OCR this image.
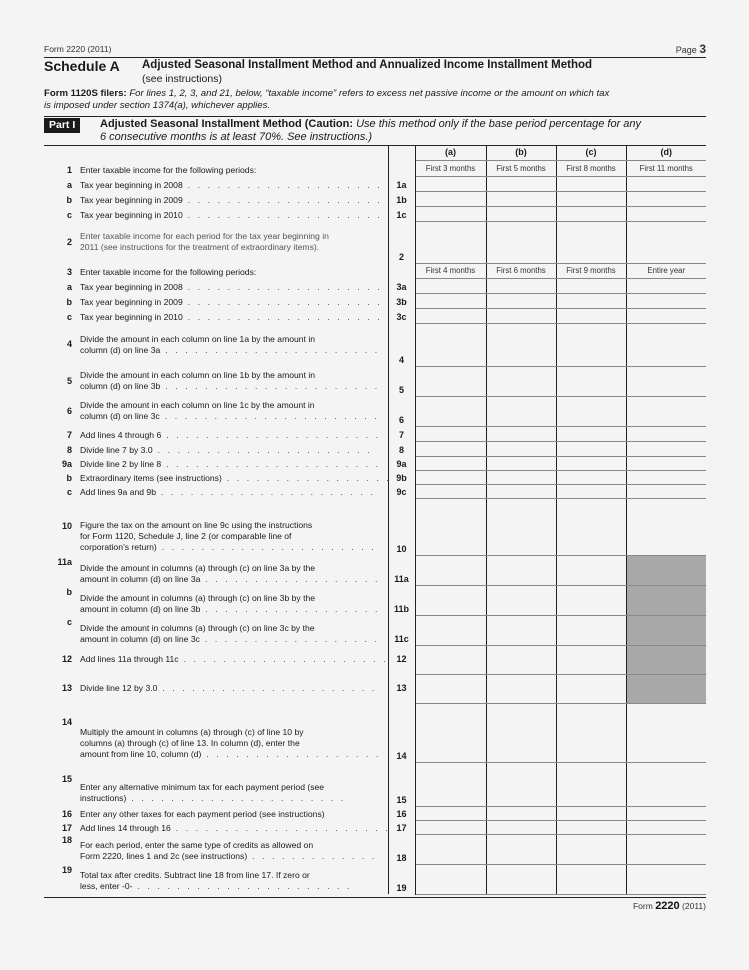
Form 2220 (2011)	Page 3
Schedule A Adjusted Seasonal Installment Method and Annualized Income Installment Method
(see instructions)
Form 1120S filers: For lines 1, 2, 3, and 21, below, “taxable income” refers to excess net passive income or the amount on which tax
is imposed under section 1374(a), whichever applies.
Part I	Adjusted Seasonal Installment Method (Caution: Use this method only if the base period percentage for any
6 consecutive months is at least 70%. See instructions.)
			(a)	(b)	(c)	(d)
1	Enter taxable income for the following periods:		First 3 months	First 5 months	First 8 months	First 11 months
a	Tax year beginning in 2008 . . .	1a				
b	Tax year beginning in 2009 . . .	1b				
c	Tax year beginning in 2010 . . .	1c				
2	Enter taxable income for each period for the tax year beginning in
2011 (see instructions for the treatment of extraordinary items).	2				
3	Enter taxable income for the following periods:		First 4 months	First 6 months	First 9 months	Entire year
a	Tax year beginning in 2008 . . .	3a				
b	Tax year beginning in 2009 . . .	3b				
c	Tax year beginning in 2010 . . .	3c				
4	Divide the amount in each column on line 1a by the amount in
column (d) on line 3a . . .	4				
5	Divide the amount in each column on line 1b by the amount in
column (d) on line 3b . . .	5				
6	Divide the amount in each column on line 1c by the amount in
column (d) on line 3c . . .	6				
7	Add lines 4 through 6 . . .	7				
8	Divide line 7 by 3.0 . . .	8				
9a	Divide line 2 by line 8 . . .	9a				
b	Extraordinary items (see instructions) . . .	9b				
c	Add lines 9a and 9b . . .	9c				
10	Figure the tax on the amount on line 9c using the instructions
for Form 1120, Schedule J, line 2 (or comparable line of
corporation’s return) . . .	10				
11a	Divide the amount in columns (a) through (c) on line 3a by the
amount in column (d) on line 3a . . .	11a				
b	Divide the amount in columns (a) through (c) on line 3b by the
amount in column (d) on line 3b . . .	11b				
c	Divide the amount in columns (a) through (c) on line 3c by the
amount in column (d) on line 3c . . .	11c				
12	Add lines 11a through 11c . . .	12				
13	Divide line 12 by 3.0 . . .	13				
14	Multiply the amount in columns (a) through (c) of line 10 by
columns (a) through (c) of line 13. In column (d), enter the
amount from line 10, column (d) . . .	14				
15	Enter any alternative minimum tax for each payment period (see
instructions) . . .	15				
16	Enter any other taxes for each payment period (see instructions)	16				
17	Add lines 14 through 16 . . .	17				
18	For each period, enter the same type of credits as allowed on
Form 2220, lines 1 and 2c (see instructions) . . .	18				
19	Total tax after credits. Subtract line 18 from line 17. If zero or
less, enter -0- . . .	19				
Form 2220 (2011)
